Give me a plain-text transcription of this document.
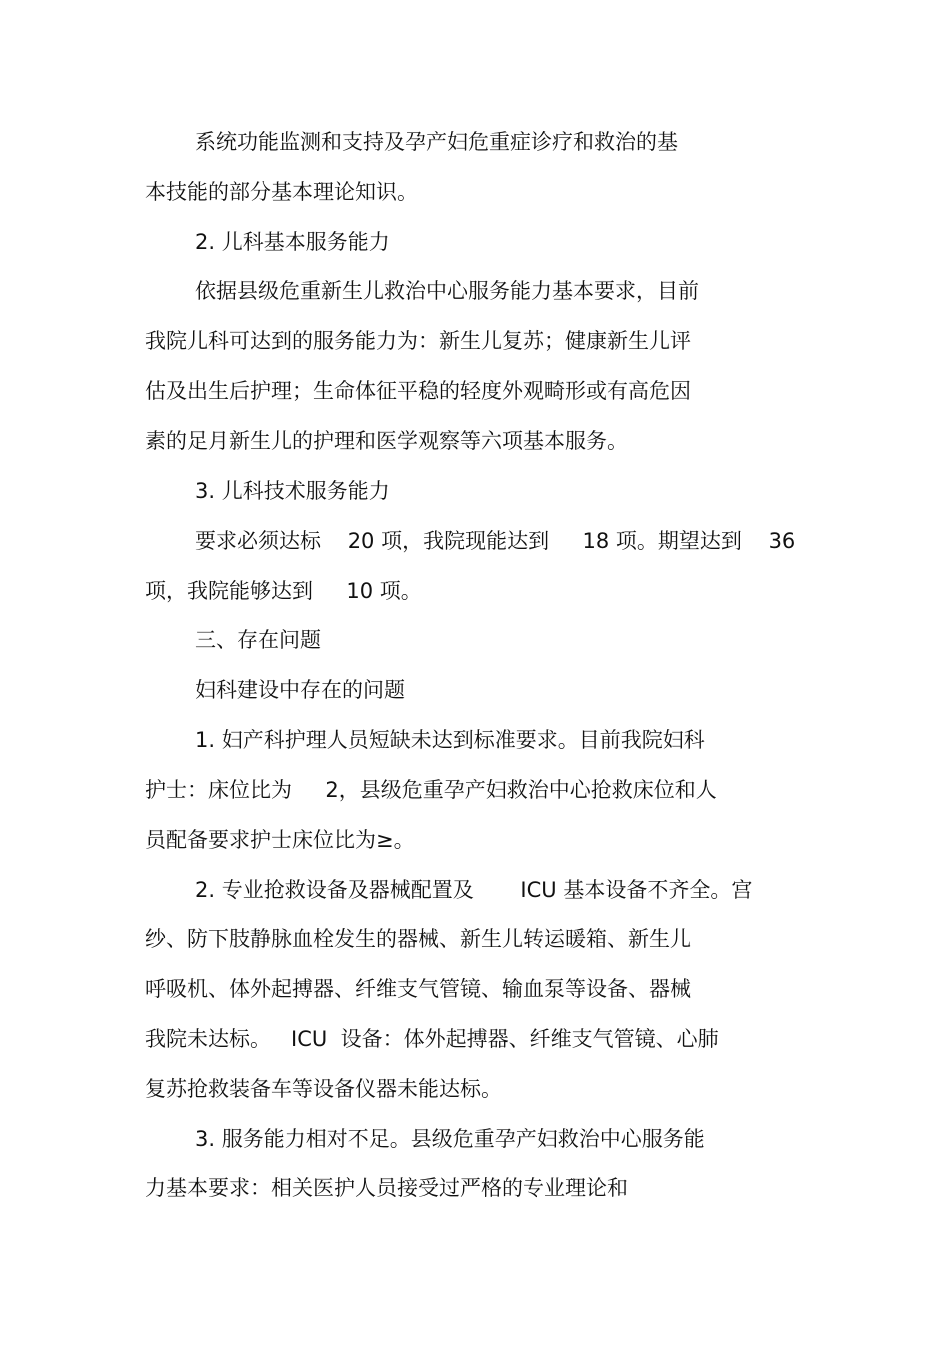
系统功能监测和支持及孕产妇危重症诊疗和救治的基

本技能的部分基本理论知识。

2. 儿科基本服务能力

依据县级危重新生儿救治中心服务能力基本要求，目前

我院儿科可达到的服务能力为：新生儿复苏；健康新生儿评

估及出生后护理；生命体征平稳的轻度外观畸形或有高危因

素的足月新生儿的护理和医学观察等六项基本服务。

3. 儿科技术服务能力

要求必须达标    20 项，我院现能达到     18 项。期望达到    36

项，我院能够达到     10 项。

三、存在问题

妇科建设中存在的问题

1. 妇产科护理人员短缺未达到标准要求。目前我院妇科

护士：床位比为     2，县级危重孕产妇救治中心抢救床位和人

员配备要求护士床位比为≥。

2. 专业抢救设备及器械配置及       ICU 基本设备不齐全。宫

纱、防下肢静脉血栓发生的器械、新生儿转运暖箱、新生儿

呼吸机、体外起搏器、纤维支气管镜、输血泵等设备、器械

我院未达标。   ICU  设备：体外起搏器、纤维支气管镜、心肺

复苏抢救装备车等设备仪器未能达标。

3. 服务能力相对不足。县级危重孕产妇救治中心服务能

力基本要求：相关医护人员接受过严格的专业理论和
